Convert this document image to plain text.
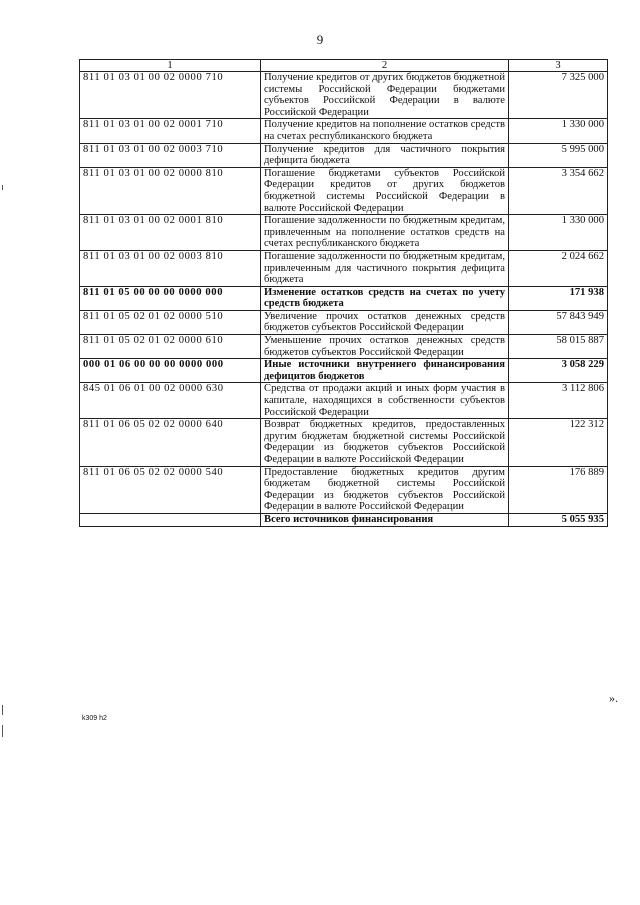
9
1	2	3
811 01 03 01 00 02 0000 710	Получение кредитов от других бюджетов бюджетной системы Российской Федерации бюджетами субъектов Российской Федерации в валюте Российской Федерации	7 325 000
811 01 03 01 00 02 0001 710	Получение кредитов на пополнение остатков средств на счетах республиканского бюджета	1 330 000
811 01 03 01 00 02 0003 710	Получение кредитов для частичного покрытия дефицита бюджета	5 995 000
811 01 03 01 00 02 0000 810	Погашение бюджетами субъектов Российской Федерации кредитов от других бюджетов бюджетной системы Российской Федерации в валюте Российской Федерации	3 354 662
811 01 03 01 00 02 0001 810	Погашение задолженности по бюджетным кредитам, привлеченным на пополнение остатков средств на счетах республиканского бюджета	1 330 000
811 01 03 01 00 02 0003 810	Погашение задолженности по бюджетным кредитам, привлеченным для частичного покрытия дефицита бюджета	2 024 662
811 01 05 00 00 00 0000 000	Изменение остатков средств на счетах по учету средств бюджета	171 938
811 01 05 02 01 02 0000 510	Увеличение прочих остатков денежных средств бюджетов субъектов Российской Федерации	57 843 949
811 01 05 02 01 02 0000 610	Уменьшение прочих остатков денежных средств бюджетов субъектов Российской Федерации	58 015 887
000 01 06 00 00 00 0000 000	Иные источники внутреннего финансирования дефицитов бюджетов	3 058 229
845 01 06 01 00 02 0000 630	Средства от продажи акций и иных форм участия в капитале, находящихся в собственности субъектов Российской Федерации	3 112 806
811 01 06 05 02 02 0000 640	Возврат бюджетных кредитов, предоставленных другим бюджетам бюджетной системы Российской Федерации из бюджетов субъектов Российской Федерации в валюте Российской Федерации	122 312
811 01 06 05 02 02 0000 540	Предоставление бюджетных кредитов другим бюджетам бюджетной системы Российской Федерации из бюджетов субъектов Российской Федерации в валюте Российской Федерации	176 889
	Всего источников финансирования	5 055 935
».
k309 h2
